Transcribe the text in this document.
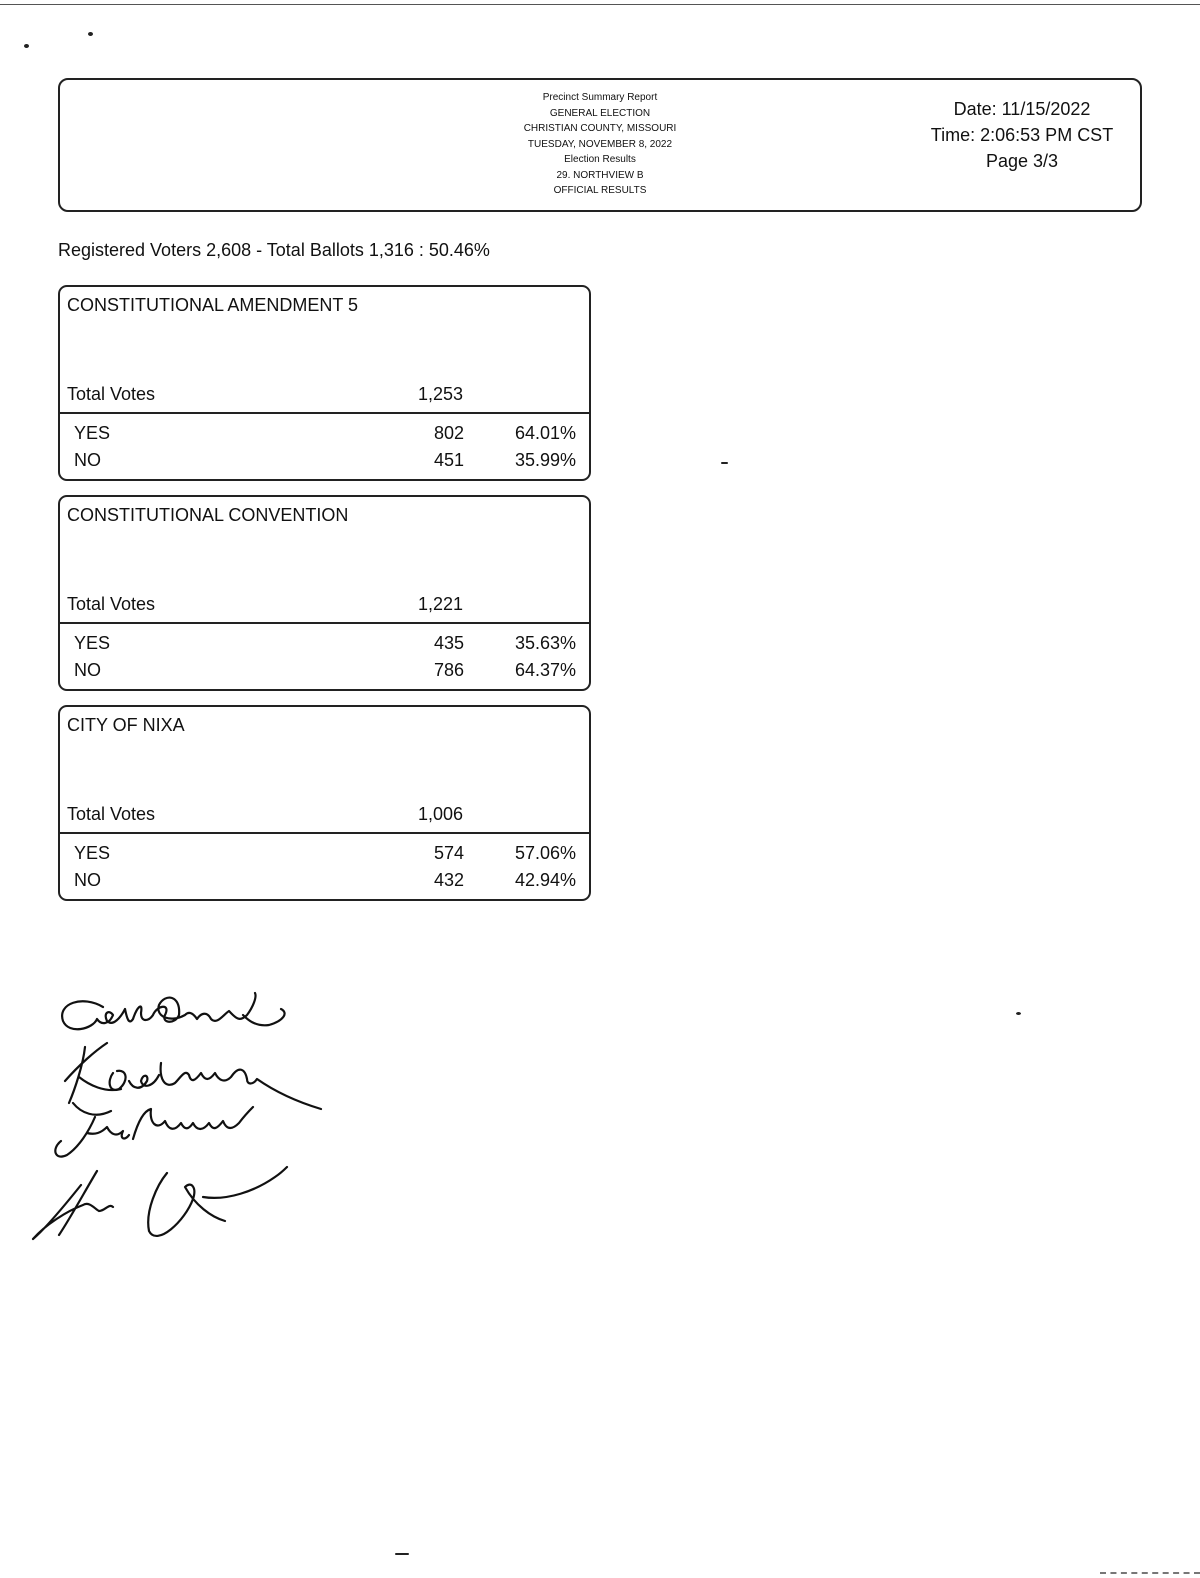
Precinct Summary Report
GENERAL ELECTION
CHRISTIAN COUNTY, MISSOURI
TUESDAY, NOVEMBER 8, 2022
Election Results
29. NORTHVIEW B
OFFICIAL RESULTS
Date: 11/15/2022
Time: 2:06:53 PM CST
Page 3/3
Registered Voters 2,608 - Total Ballots 1,316 : 50.46%
CONSTITUTIONAL AMENDMENT 5
Total Votes	1,253
YES	802	64.01%
NO	451	35.99%
CONSTITUTIONAL CONVENTION
Total Votes	1,221
YES	435	35.63%
NO	786	64.37%
CITY OF NIXA
Total Votes	1,006
YES	574	57.06%
NO	432	42.94%
